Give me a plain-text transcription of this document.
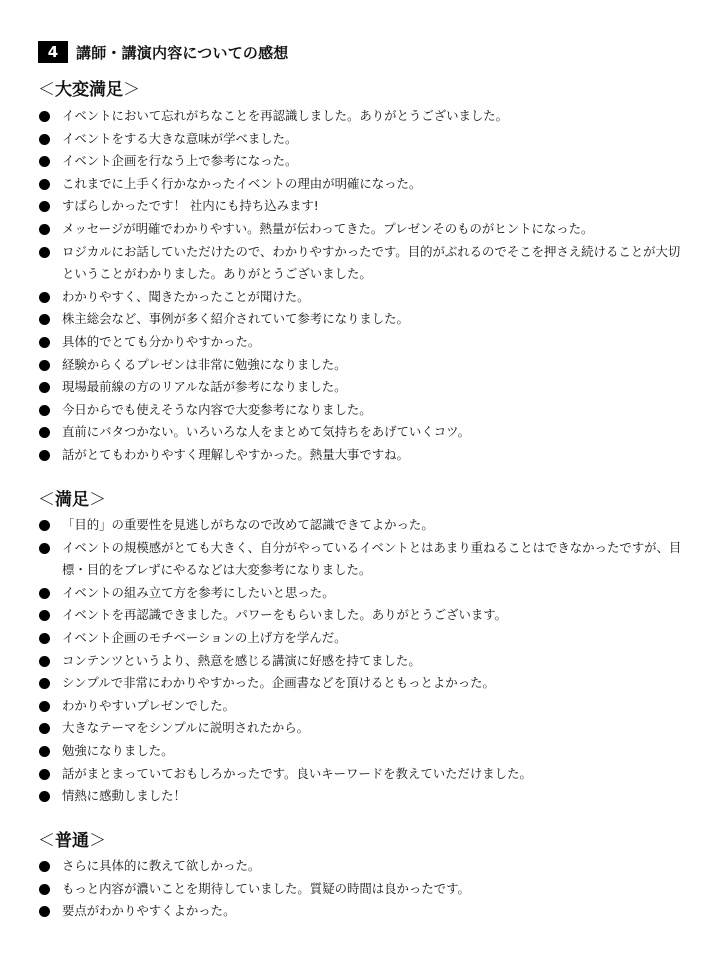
4	講師・講演内容についての感想
＜大変満足＞
イベントにおいて忘れがちなことを再認識しました。ありがとうございました。
イベントをする大きな意味が学べました。
イベント企画を行なう上で参考になった。
これまでに上手く行かなかったイベントの理由が明確になった。
すばらしかったです！ 社内にも持ち込みます!
メッセージが明確でわかりやすい。熱量が伝わってきた。プレゼンそのものがヒントになった。
ロジカルにお話していただけたので、わかりやすかったです。目的がぶれるのでそこを押さえ続けることが大切ということがわかりました。ありがとうございました。
わかりやすく、聞きたかったことが聞けた。
株主総会など、事例が多く紹介されていて参考になりました。
具体的でとても分かりやすかった。
経験からくるプレゼンは非常に勉強になりました。
現場最前線の方のリアルな話が参考になりました。
今日からでも使えそうな内容で大変参考になりました。
直前にバタつかない。いろいろな人をまとめて気持ちをあげていくコツ。
話がとてもわかりやすく理解しやすかった。熱量大事ですね。
＜満足＞
「目的」の重要性を見逃しがちなので改めて認識できてよかった。
イベントの規模感がとても大きく、自分がやっているイベントとはあまり重ねることはできなかったですが、目標・目的をブレずにやるなどは大変参考になりました。
イベントの組み立て方を参考にしたいと思った。
イベントを再認識できました。パワーをもらいました。ありがとうございます。
イベント企画のモチベーションの上げ方を学んだ。
コンテンツというより、熱意を感じる講演に好感を持てました。
シンプルで非常にわかりやすかった。企画書などを頂けるともっとよかった。
わかりやすいプレゼンでした。
大きなテーマをシンプルに説明されたから。
勉強になりました。
話がまとまっていておもしろかったです。良いキーワードを教えていただけました。
情熱に感動しました！
＜普通＞
さらに具体的に教えて欲しかった。
もっと内容が濃いことを期待していました。質疑の時間は良かったです。
要点がわかりやすくよかった。
